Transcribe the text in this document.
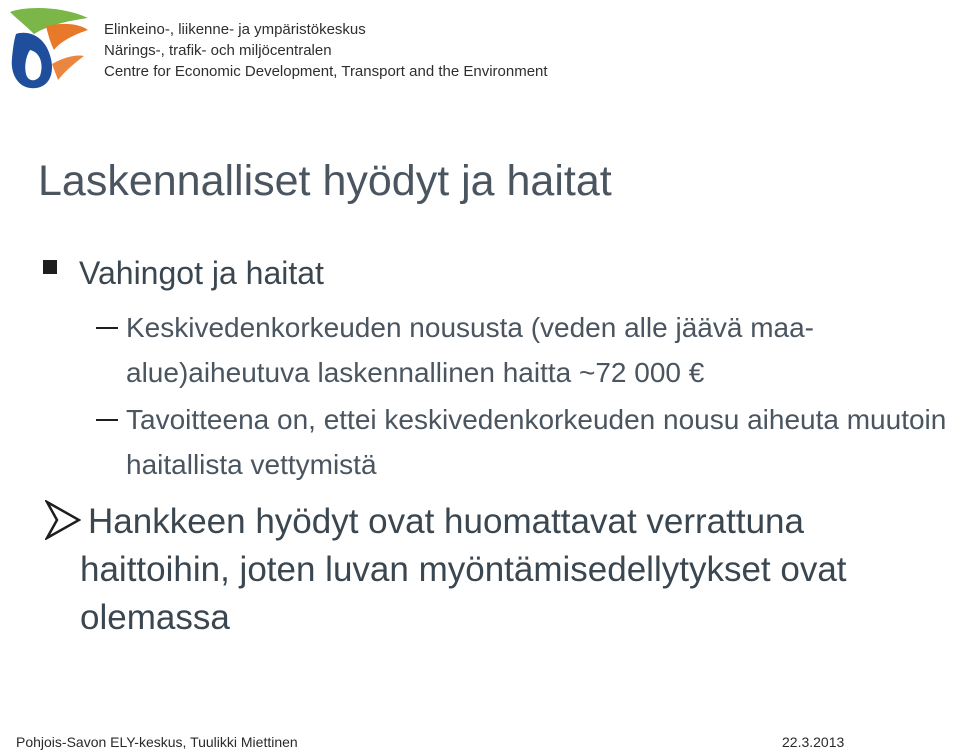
Elinkeino-, liikenne- ja ympäristökeskus
Närings-, trafik- och miljöcentralen
Centre for Economic Development, Transport and the Environment
Laskennalliset hyödyt ja haitat
Vahingot ja haitat
Keskivedenkorkeuden noususta (veden alle jäävä maa-alue)aiheutuva laskennallinen haitta ~72 000 €
Tavoitteena on, ettei keskivedenkorkeuden nousu aiheuta muutoin haitallista vettymistä
Hankkeen hyödyt ovat huomattavat verrattuna haittoihin, joten luvan myöntämisedellytykset ovat olemassa
Pohjois-Savon ELY-keskus, Tuulikki Miettinen	22.3.2013
